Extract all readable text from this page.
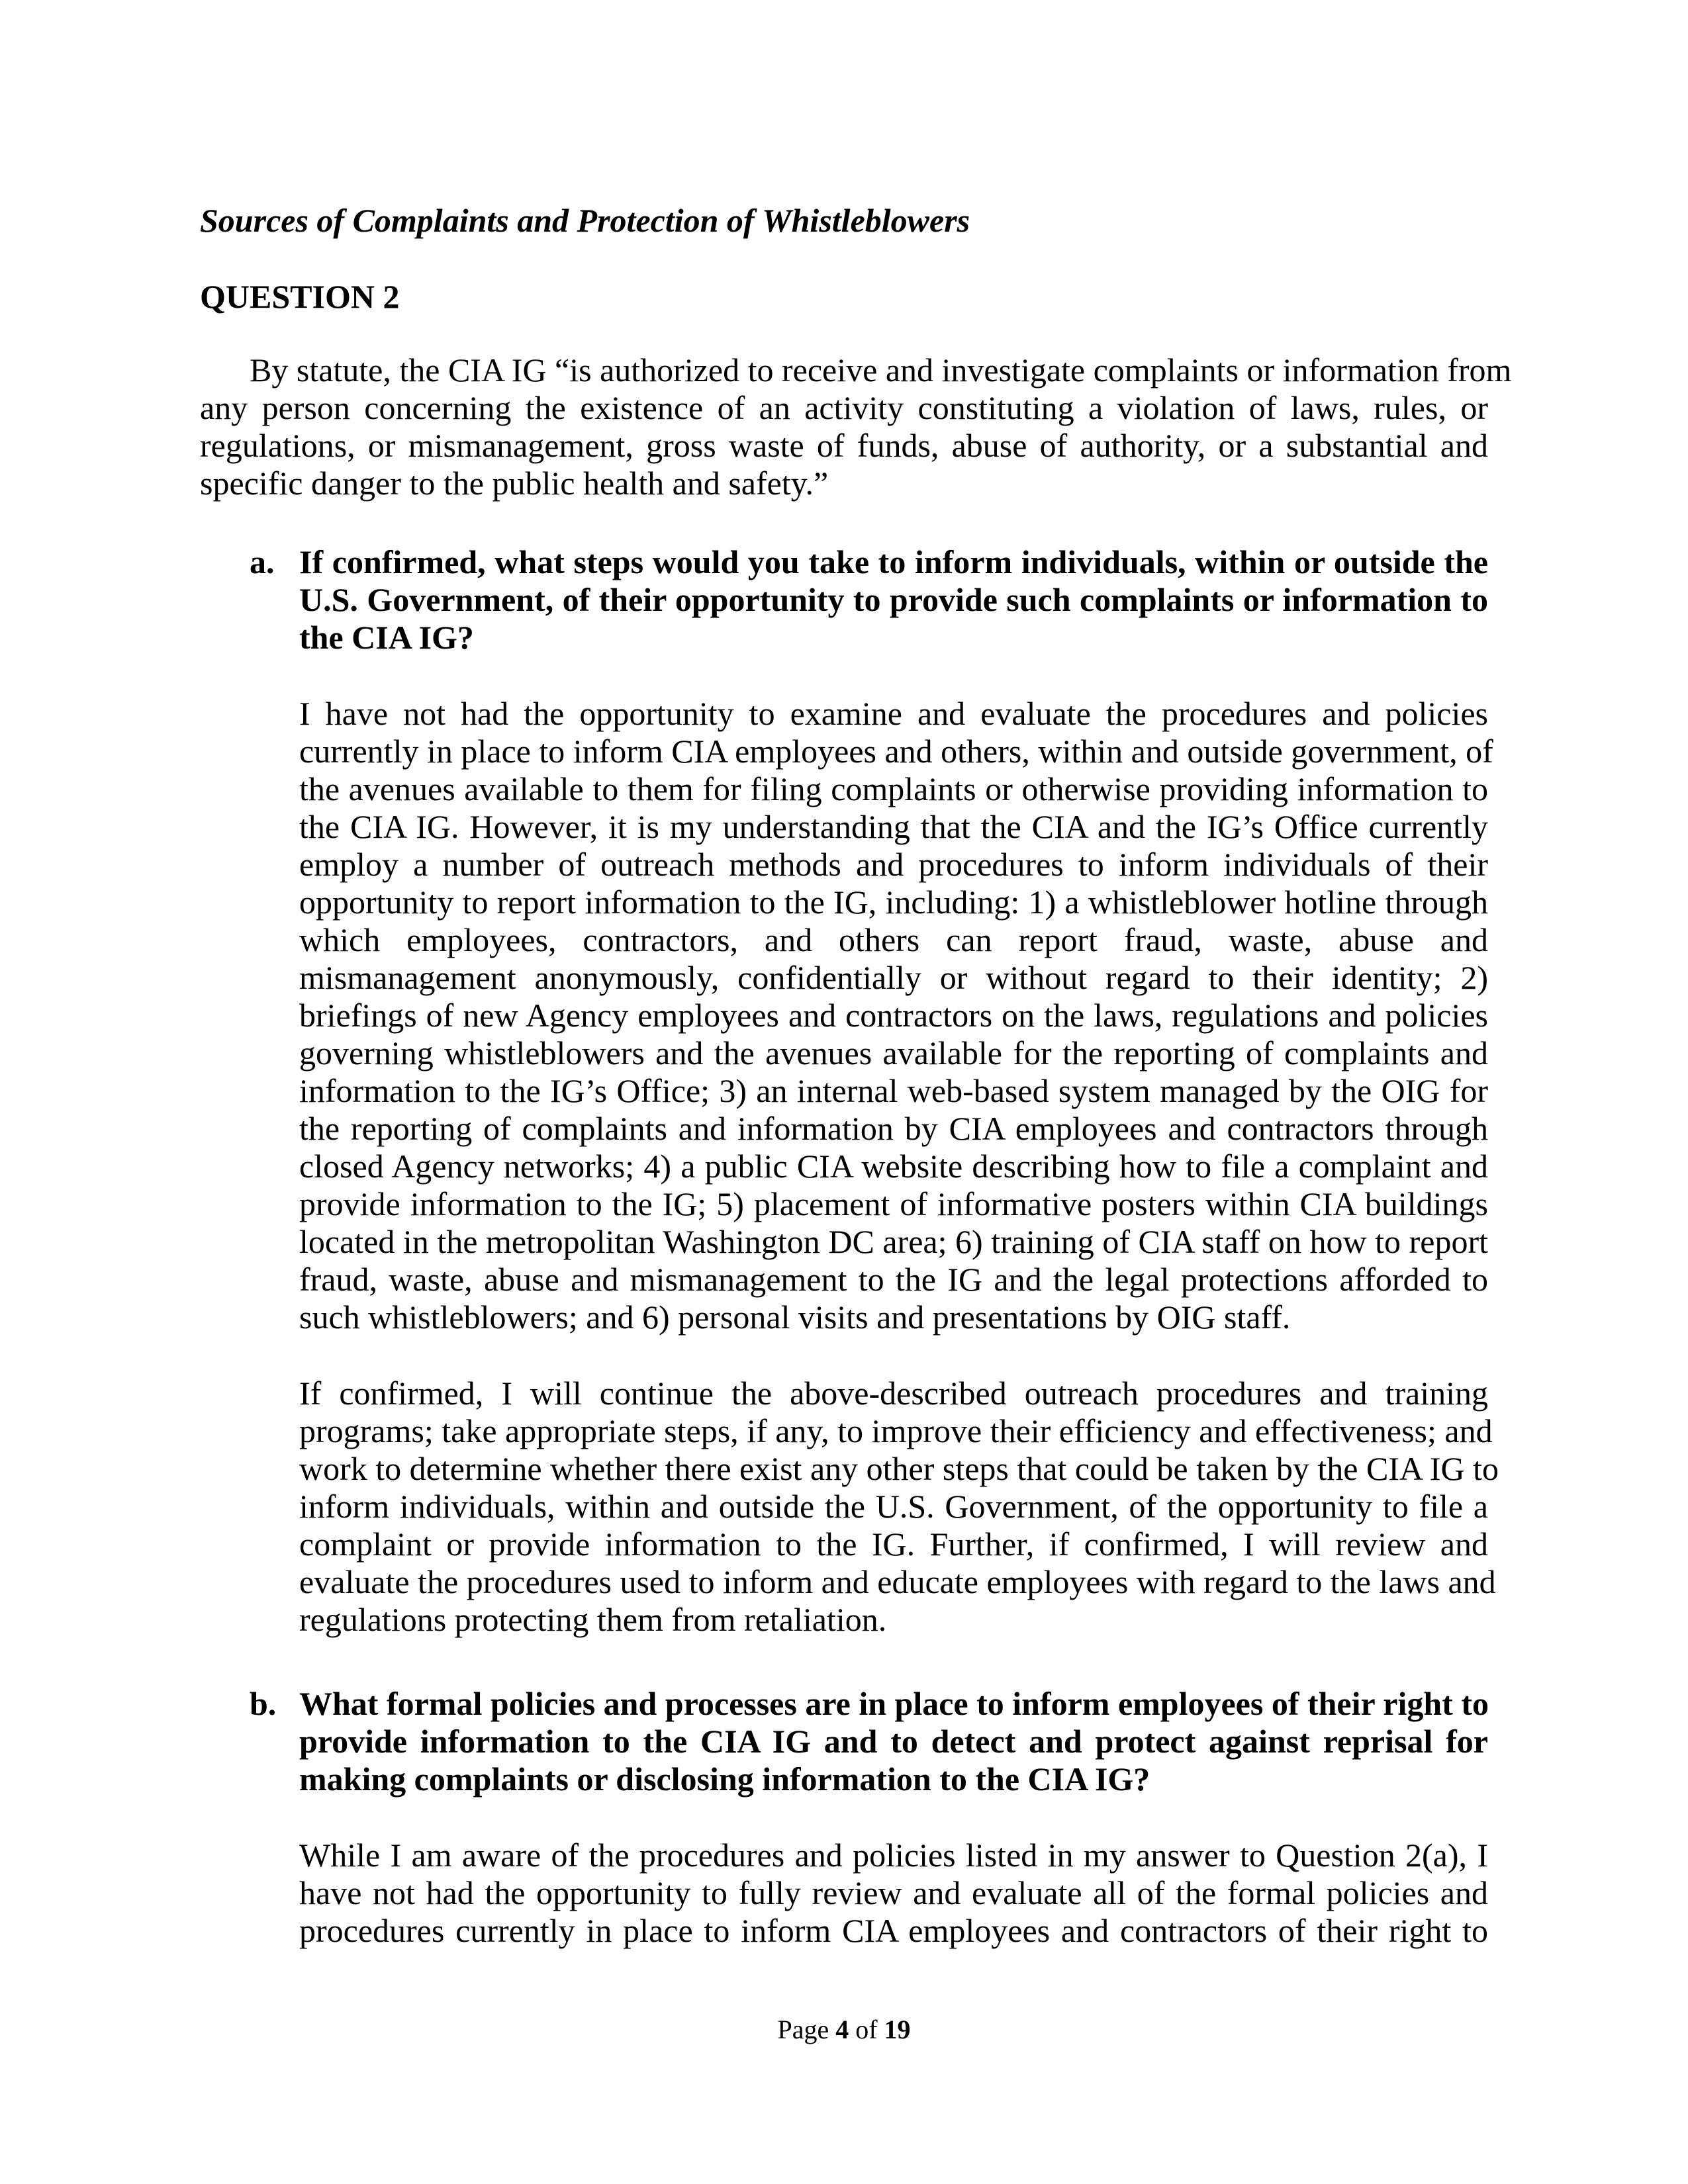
Sources of Complaints and Protection of Whistleblowers
QUESTION 2
By statute, the CIA IG “is authorized to receive and investigate complaints or information from
any person concerning the existence of an activity constituting a violation of laws, rules, or
regulations, or mismanagement, gross waste of funds, abuse of authority, or a substantial and
specific danger to the public health and safety.”
a. If confirmed, what steps would you take to inform individuals, within or outside the
U.S. Government, of their opportunity to provide such complaints or information to
the CIA IG?
I have not had the opportunity to examine and evaluate the procedures and policies
currently in place to inform CIA employees and others, within and outside government, of
the avenues available to them for filing complaints or otherwise providing information to
the CIA IG. However, it is my understanding that the CIA and the IG’s Office currently
employ a number of outreach methods and procedures to inform individuals of their
opportunity to report information to the IG, including: 1) a whistleblower hotline through
which employees, contractors, and others can report fraud, waste, abuse and
mismanagement anonymously, confidentially or without regard to their identity; 2)
briefings of new Agency employees and contractors on the laws, regulations and policies
governing whistleblowers and the avenues available for the reporting of complaints and
information to the IG’s Office; 3) an internal web-based system managed by the OIG for
the reporting of complaints and information by CIA employees and contractors through
closed Agency networks; 4) a public CIA website describing how to file a complaint and
provide information to the IG; 5) placement of informative posters within CIA buildings
located in the metropolitan Washington DC area; 6) training of CIA staff on how to report
fraud, waste, abuse and mismanagement to the IG and the legal protections afforded to
such whistleblowers; and 6) personal visits and presentations by OIG staff.
If confirmed, I will continue the above-described outreach procedures and training
programs; take appropriate steps, if any, to improve their efficiency and effectiveness; and
work to determine whether there exist any other steps that could be taken by the CIA IG to
inform individuals, within and outside the U.S. Government, of the opportunity to file a
complaint or provide information to the IG. Further, if confirmed, I will review and
evaluate the procedures used to inform and educate employees with regard to the laws and
regulations protecting them from retaliation.
b. What formal policies and processes are in place to inform employees of their right to
provide information to the CIA IG and to detect and protect against reprisal for
making complaints or disclosing information to the CIA IG?
While I am aware of the procedures and policies listed in my answer to Question 2(a), I
have not had the opportunity to fully review and evaluate all of the formal policies and
procedures currently in place to inform CIA employees and contractors of their right to
Page 4 of 19
